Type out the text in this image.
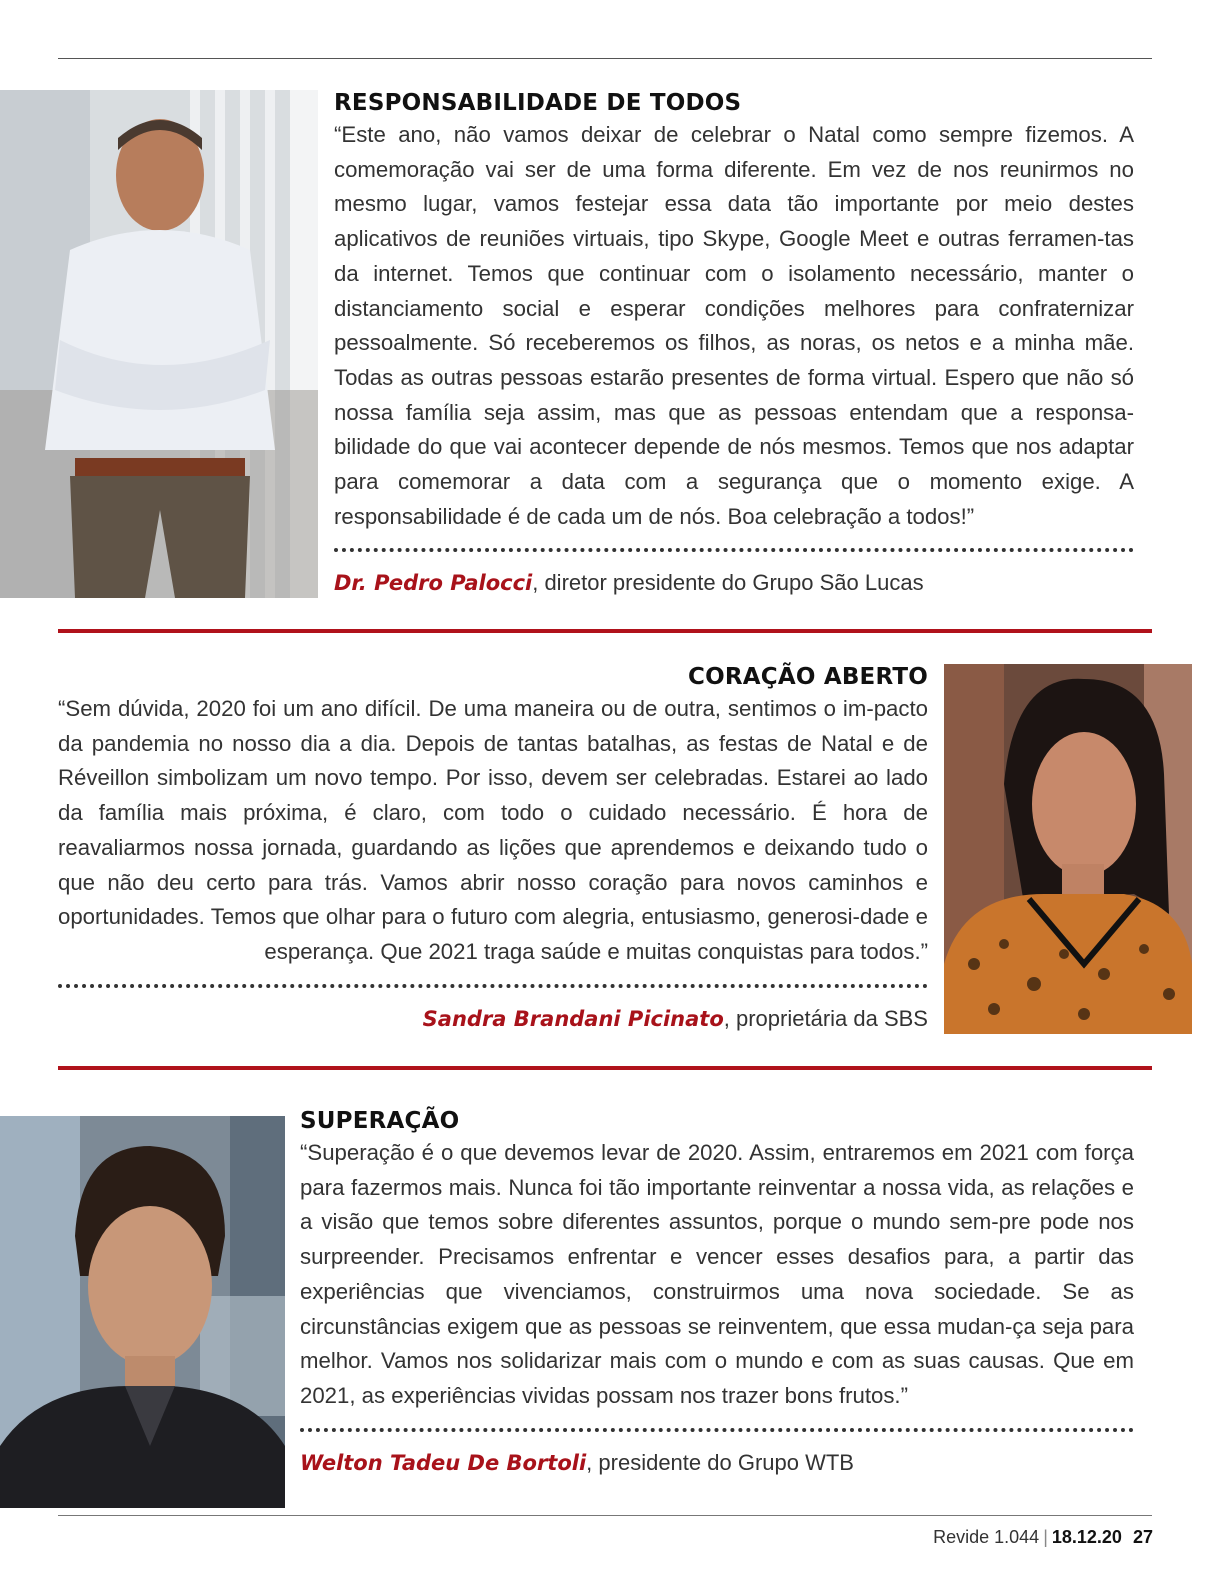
RESPONSABILIDADE DE TODOS

“Este ano, não vamos deixar de celebrar o Natal como sempre fizemos. A comemoração vai ser de uma forma diferente. Em vez de nos reunirmos no mesmo lugar, vamos festejar essa data tão importante por meio destes aplicativos de reuniões virtuais, tipo Skype, Google Meet e outras ferramen-tas da internet. Temos que continuar com o isolamento necessário, manter o distanciamento social e esperar condições melhores para confraternizar pessoalmente. Só receberemos os filhos, as noras, os netos e a minha mãe. Todas as outras pessoas estarão presentes de forma virtual. Espero que não só nossa família seja assim, mas que as pessoas entendam que a responsa-bilidade do que vai acontecer depende de nós mesmos. Temos que nos adaptar para comemorar a data com a segurança que o momento exige. A responsabilidade é de cada um de nós. Boa celebração a todos!”

Dr. Pedro Palocci, diretor presidente do Grupo São Lucas

CORAÇÃO ABERTO

“Sem dúvida, 2020 foi um ano difícil. De uma maneira ou de outra, sentimos o im-pacto da pandemia no nosso dia a dia. Depois de tantas batalhas, as festas de Natal e de Réveillon simbolizam um novo tempo. Por isso, devem ser celebradas. Estarei ao lado da família mais próxima, é claro, com todo o cuidado necessário. É hora de reavaliarmos nossa jornada, guardando as lições que aprendemos e deixando tudo o que não deu certo para trás. Vamos abrir nosso coração para novos caminhos e oportunidades. Temos que olhar para o futuro com alegria, entusiasmo, generosi-dade e esperança. Que 2021 traga saúde e muitas conquistas para todos.”

Sandra Brandani Picinato, proprietária da SBS

SUPERAÇÃO

“Superação é o que devemos levar de 2020. Assim, entraremos em 2021 com força para fazermos mais. Nunca foi tão importante reinventar a nossa vida, as relações e a visão que temos sobre diferentes assuntos, porque o mundo sem-pre pode nos surpreender. Precisamos enfrentar e vencer esses desafios para, a partir das experiências que vivenciamos, construirmos uma nova sociedade. Se as circunstâncias exigem que as pessoas se reinventem, que essa mudan-ça seja para melhor. Vamos nos solidarizar mais com o mundo e com as suas causas. Que em 2021, as experiências vividas possam nos trazer bons frutos.”

Welton Tadeu De Bortoli, presidente do Grupo WTB

Revide 1.044 | 18.12.20 27
